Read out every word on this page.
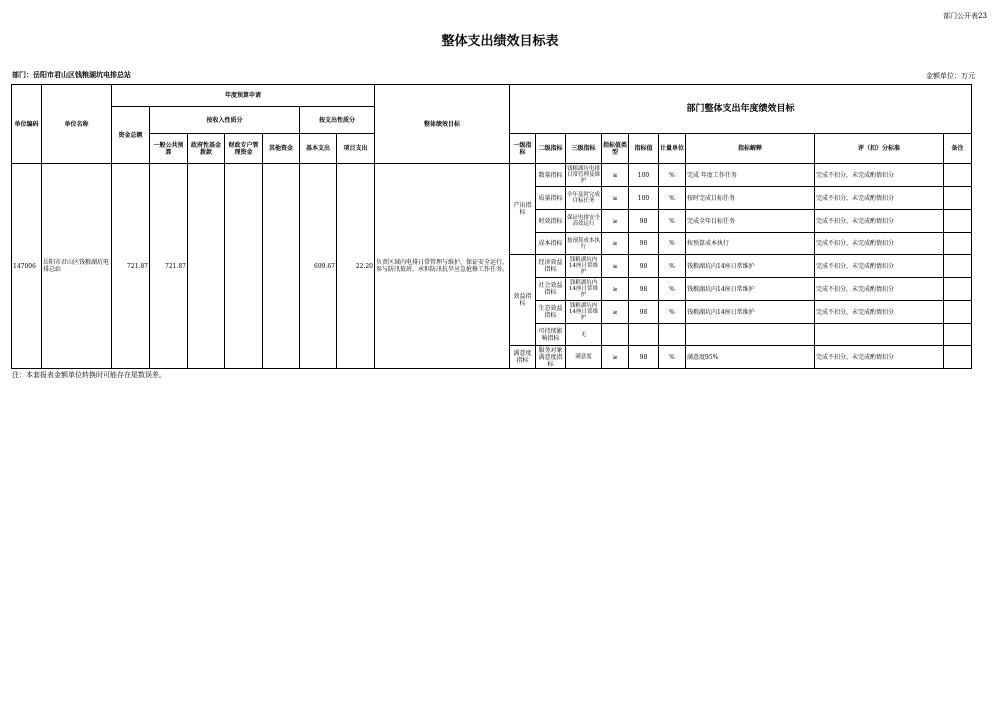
部门公开表23
整体支出绩效目标表
部门：岳阳市君山区钱粮湖坑电排总站	金额单位：万元
单位编码	单位名称	年度预算申请							整体绩效目标	部门整体支出年度绩效目标								
		资金总额	按收入性质分				按支出性质分											
			一般公共预算	政府性基金拨款	财政专户管理资金	其他资金	基本支出	项目支出		一级指标	二级指标	三级指标	指标值类型	指标值	计量单位	指标解释	评（扣）分标准	备注
147006	岳阳市君山区钱粮湖坑电排总站	721.87	721.87				699.67	22.20	负责区域内电排日常管理与维护，保证安全运行，参与防汛值班，承担防汛抗旱应急抢修工作任务。	产出指标	数量指标	钱粮湖坑电排日常管理及维护	≥	100	%	完成 年度工作任务	完成不扣分，未完成酌情扣分	
											质量指标	全年及时完成目标任务	≥	100	%	按时完成目标任务	完成不扣分，未完成酌情扣分	
											时效指标	保证电排安全高效运行	≥	98	%	完成全年目标任务	完成不扣分，未完成酌情扣分	
											成本指标	按预算成本执行	≥	98	%	按预算成本执行	完成不扣分，未完成酌情扣分	
										效益指标	经济效益指标	钱粮湖坑内14座日常维护	≥	98	%	钱粮湖坑内14座日常维护	完成不扣分，未完成酌情扣分	
											社会效益指标	钱粮湖坑内14座日常维护	≥	98	%	钱粮湖坑内14座日常维护	完成不扣分，未完成酌情扣分	
											生态效益指标	钱粮湖坑内14座日常维护	≥	98	%	钱粮湖坑内14座日常维护	完成不扣分，未完成酌情扣分	
											可持续影响指标	无						
										满意度指标	服务对象满意度指标	满意度	≥	98	%	满意度95%	完成不扣分，未完成酌情扣分	
注：本套报表金额单位转换时可能存在尾数误差。
